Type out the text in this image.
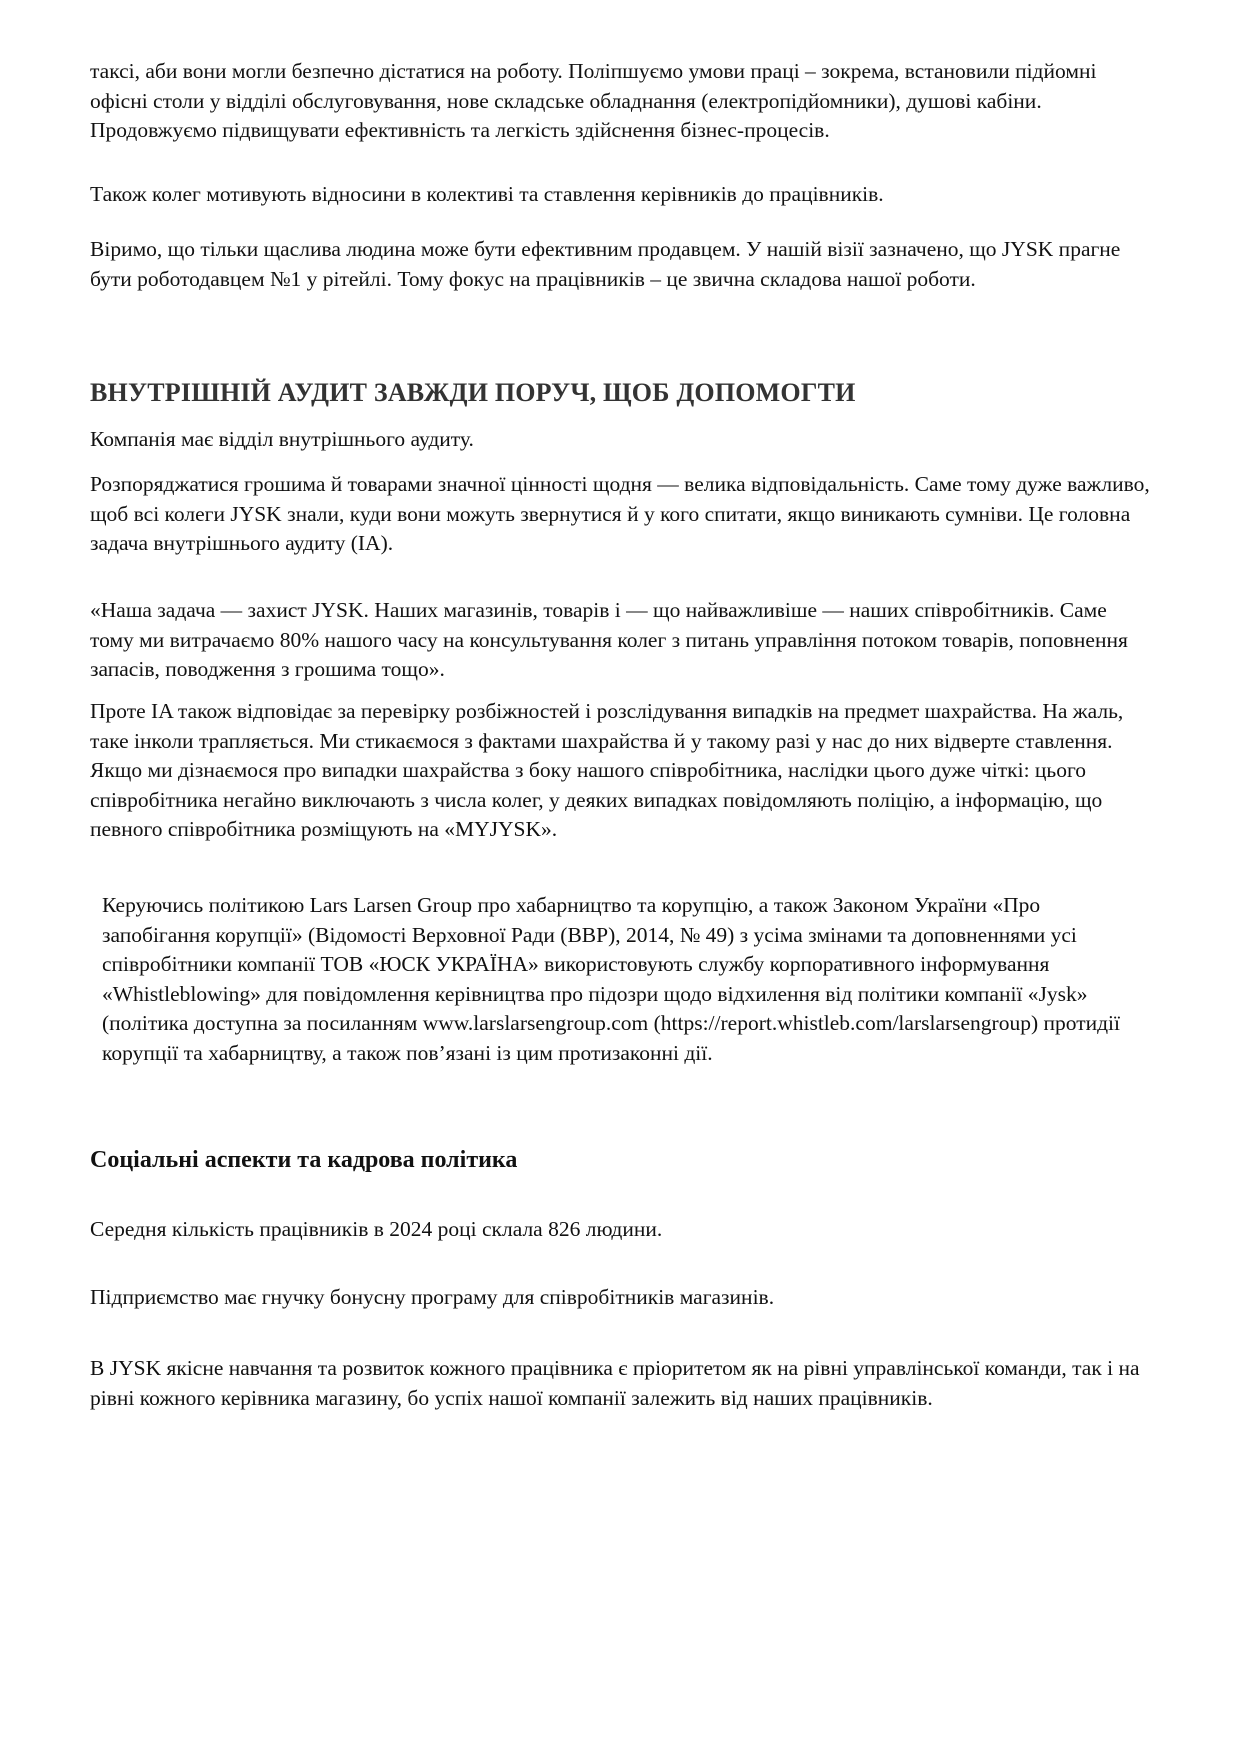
таксі, аби вони могли безпечно дістатися на роботу. Поліпшуємо умови праці – зокрема, встановили підйомні офісні столи у відділі обслуговування, нове складське обладнання (електропідйомники), душові кабіни. Продовжуємо підвищувати ефективність та легкість здійснення бізнес-процесів.

Також колег мотивують відносини в колективі та ставлення керівників до працівників.

Віримо, що тільки щаслива людина може бути ефективним продавцем. У нашій візії зазначено, що JYSK прагне бути роботодавцем №1 у рітейлі. Тому фокус на працівників – це звична складова нашої роботи.

ВНУТРІШНІЙ АУДИТ ЗАВЖДИ ПОРУЧ, ЩОБ ДОПОМОГТИ

Компанія має відділ внутрішнього аудиту.

Розпоряджатися грошима й товарами значної цінності щодня — велика відповідальність. Саме тому дуже важливо, щоб всі колеги JYSK знали, куди вони можуть звернутися й у кого спитати, якщо виникають сумніви. Це головна задача внутрішнього аудиту (IA).

«Наша задача — захист JYSK. Наших магазинів, товарів і — що найважливіше — наших співробітників. Саме тому ми витрачаємо 80% нашого часу на консультування колег з питань управління потоком товарів, поповнення запасів, поводження з грошима тощо».

Проте IA також відповідає за перевірку розбіжностей і розслідування випадків на предмет шахрайства. На жаль, таке інколи трапляється. Ми стикаємося з фактами шахрайства й у такому разі у нас до них відверте ставлення. Якщо ми дізнаємося про випадки шахрайства з боку нашого співробітника, наслідки цього дуже чіткі: цього співробітника негайно виключають з числа колег, у деяких випадках повідомляють поліцію, а інформацію, що певного співробітника розміщують на «MYJYSK».

Керуючись політикою Lars Larsen Group про хабарництво та корупцію, а також Законом України «Про запобігання корупції» (Відомості Верховної Ради (ВВР), 2014, № 49) з усіма змінами та доповненнями усі співробітники компанії ТОВ «ЮСК УКРАЇНА» використовують службу корпоративного інформування «Whistleblowing» для повідомлення керівництва про підозри щодо відхилення від політики компанії «Jysk» (політика доступна за посиланням www.larslarsengroup.com (https://report.whistleb.com/larslarsengroup) протидії корупції та хабарництву, а також пов’язані із цим протизаконні дії.

Соціальні аспекти та кадрова політика

Середня кількість працівників в 2024 році склала 826 людини.

Підприємство має гнучку бонусну програму для співробітників магазинів.

В JYSK якісне навчання та розвиток кожного працівника є пріоритетом як на рівні управлінської команди, так і на рівні кожного керівника магазину, бо успіх нашої компанії залежить від наших працівників.
